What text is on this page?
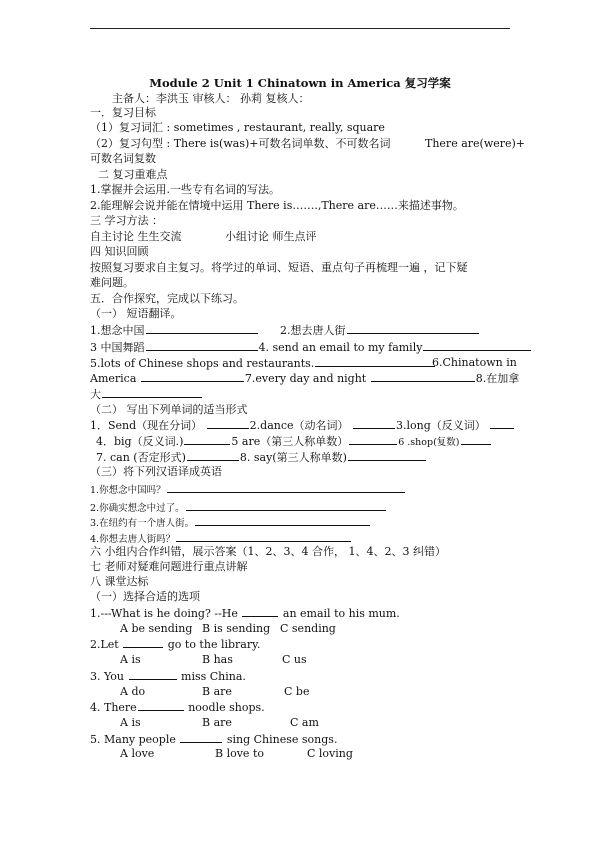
Module 2 Unit 1 Chinatown in America 复习学案
主备人：李洪玉 审核人： 孙莉 复核人：
一．复习目标
（1）复习词汇 : sometimes , restaurant, really, square
（2）复习句型 : There is(was)+可数名词单数、不可数名词	There are(were)+
可数名词复数
二 复习重难点
1.掌握并会运用.一些专有名词的写法。
2.能理解会说并能在情境中运用 There is…….,There are……来描述事物。
三 学习方法 ：
自主讨论 生生交流	小组讨论 师生点评
四 知识回顾
按照复习要求自主复习。将学过的单词、短语、重点句子再梳理一遍 ，记下疑
难问题。
五．合作探究，完成以下练习。
（一） 短语翻译。
1.想念中国	2.想去唐人街
3 中国舞蹈	4. send an email to my family
5.lots of Chinese shops and restaurants.	6.Chinatown in
America	7.every day and night	8.在加拿
大
（二） 写出下列单词的适当形式
1．Send（现在分词）	2.dance（动名词）	3.long（反义词）
4．big（反义词.)	5 are（第三人称单数）	6 .shop(复数)
7. can (否定形式)	8. say(第三人称单数)
（三）将下列汉语译成英语
1.你想念中国吗？
2.你确实想念中过了。
3.在纽约有一个唐人街。
4.你想去唐人街吗？
六 小组内合作纠错，展示答案（1、2、3、4 合作， 1、4、2、3 纠错）
七 老师对疑难问题进行重点讲解
八 课堂达标
（一）选择合适的选项
1.---What is he doing? --He	an email to his mum.
A be sending B is sending C sending
2.Let	go to the library.
A is	B has	C us
3. You	miss China.
A do	B are	C be
4. There	noodle shops.
A is	B are	C am
5. Many people	sing Chinese songs.
A love	B love to	C loving
